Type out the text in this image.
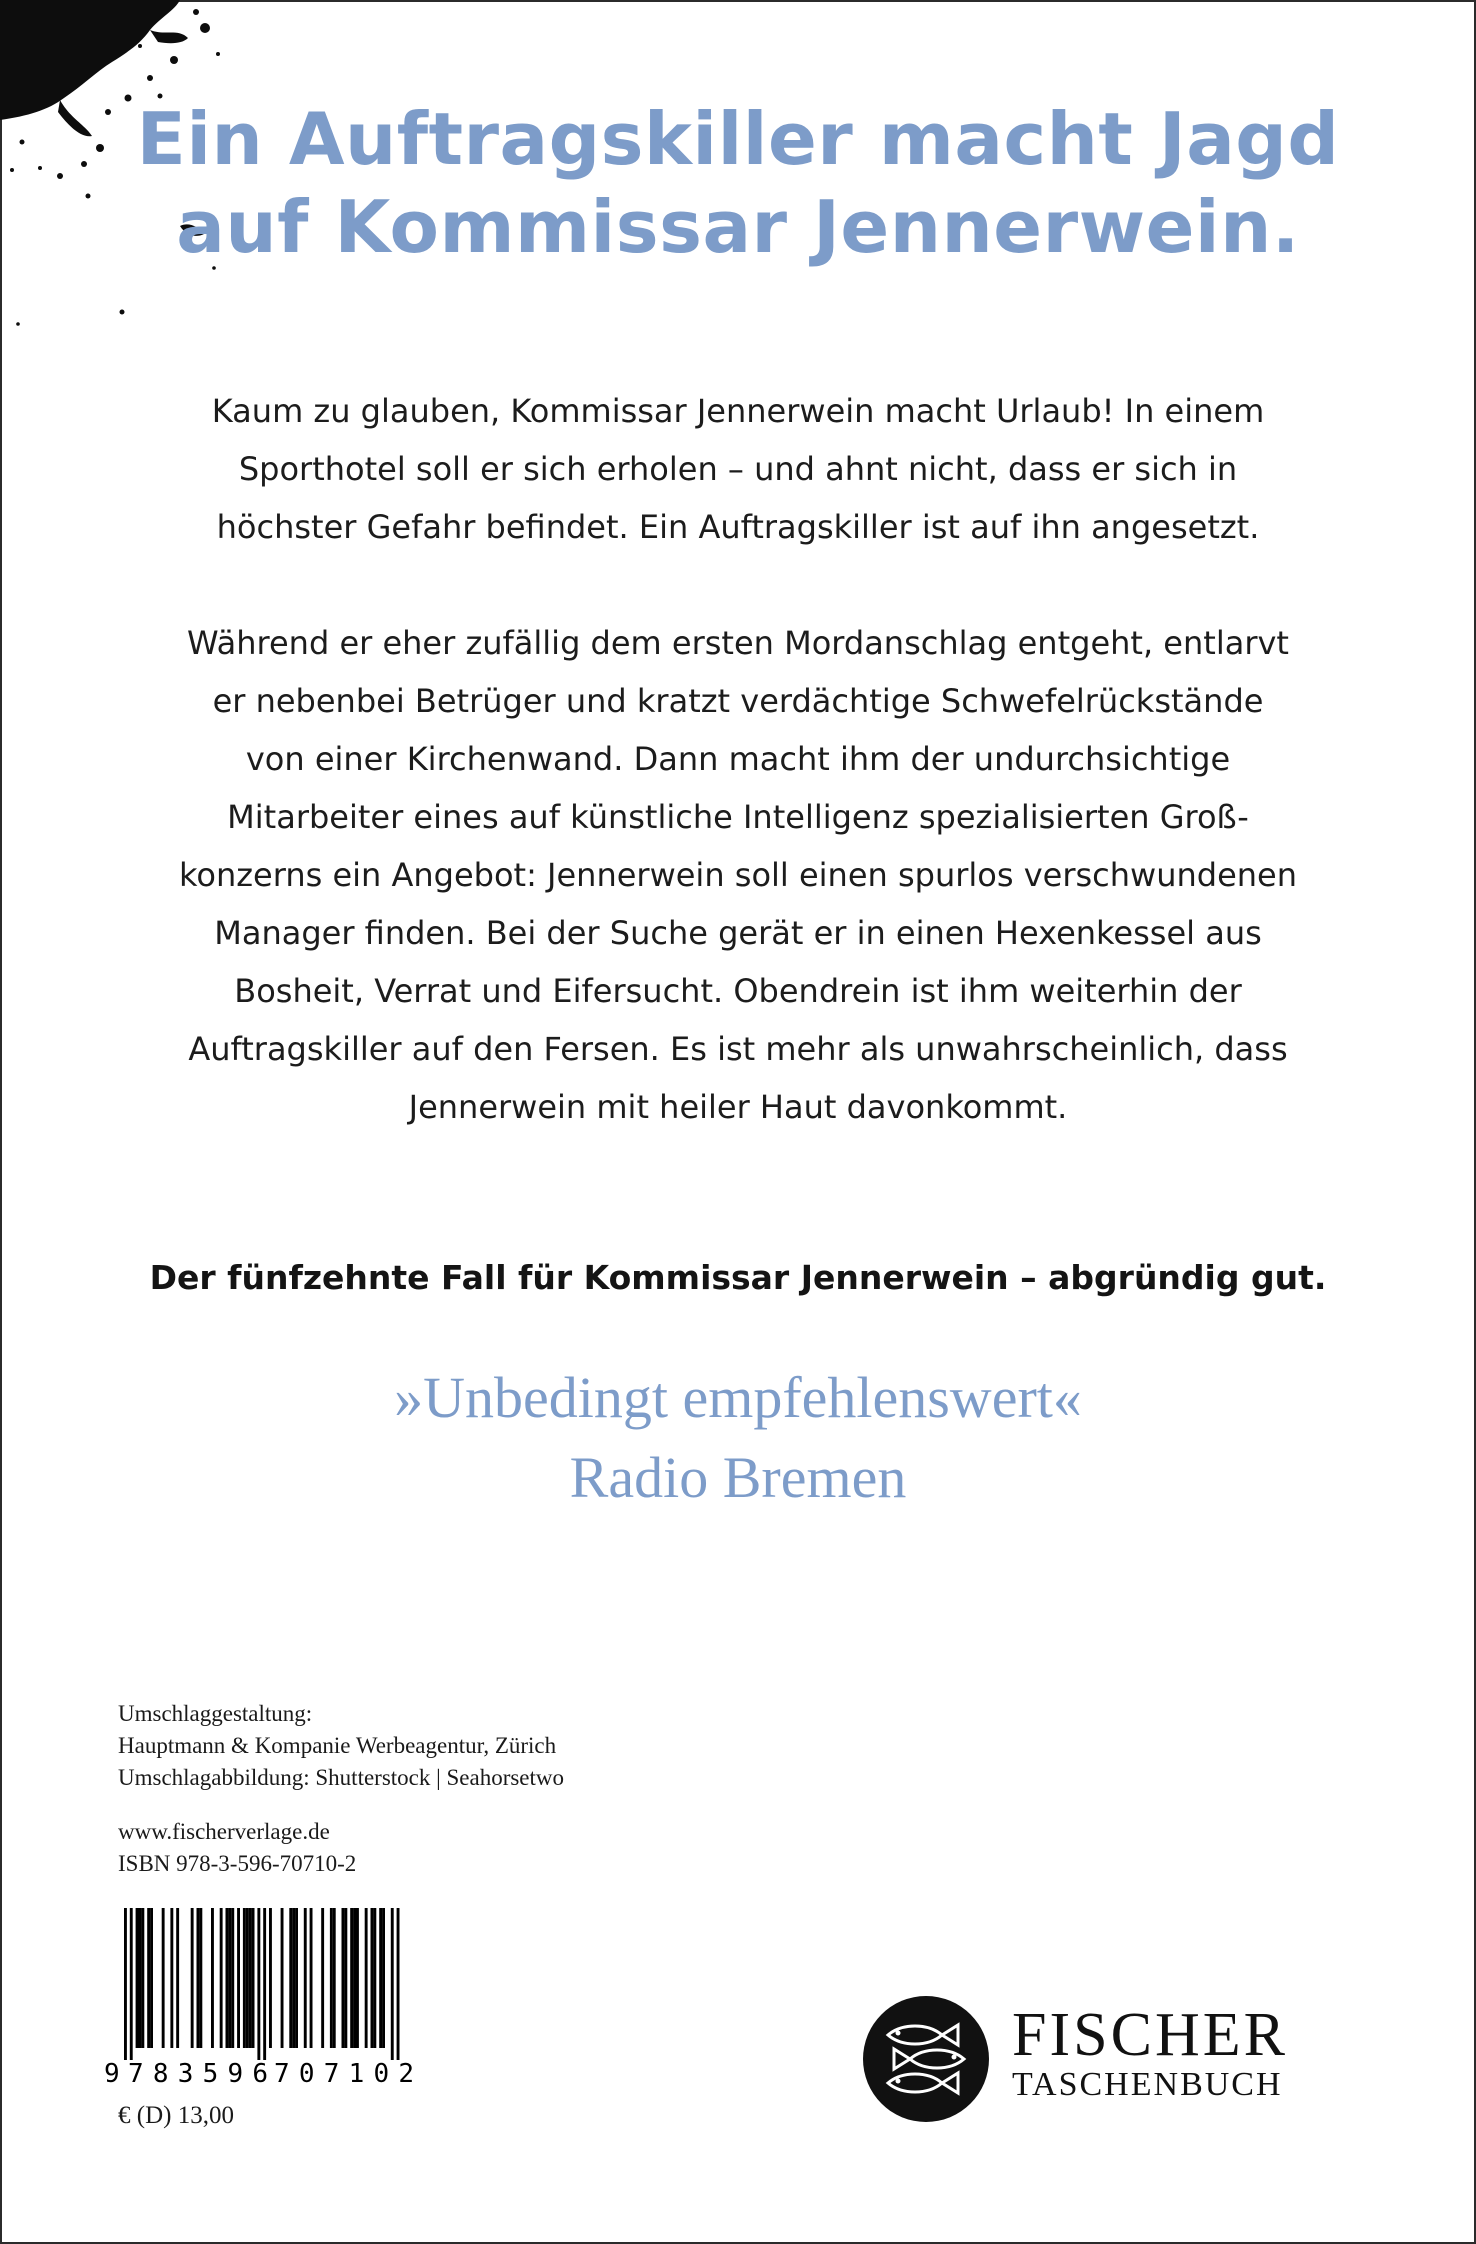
Ein Auftragskiller macht Jagd
auf Kommissar Jennerwein.

Kaum zu glauben, Kommissar Jennerwein macht Urlaub! In einem
Sporthotel soll er sich erholen – und ahnt nicht, dass er sich in
höchster Gefahr befindet. Ein Auftragskiller ist auf ihn angesetzt.

Während er eher zufällig dem ersten Mordanschlag entgeht, entlarvt
er nebenbei Betrüger und kratzt verdächtige Schwefelrückstände
von einer Kirchenwand. Dann macht ihm der undurchsichtige
Mitarbeiter eines auf künstliche Intelligenz spezialisierten Groß-
konzerns ein Angebot: Jennerwein soll einen spurlos verschwundenen
Manager finden. Bei der Suche gerät er in einen Hexenkessel aus
Bosheit, Verrat und Eifersucht. Obendrein ist ihm weiterhin der
Auftragskiller auf den Fersen. Es ist mehr als unwahrscheinlich, dass
Jennerwein mit heiler Haut davonkommt.

Der fünfzehnte Fall für Kommissar Jennerwein – abgründig gut.

»Unbedingt empfehlenswert«
Radio Bremen

Umschlaggestaltung:
Hauptmann & Kompanie Werbeagentur, Zürich
Umschlagabbildung: Shutterstock | Seahorsetwo
www.fischerverlage.de
ISBN 978-3-596-70710-2
9 783596 707102
€ (D) 13,00
FISCHER
TASCHENBUCH
